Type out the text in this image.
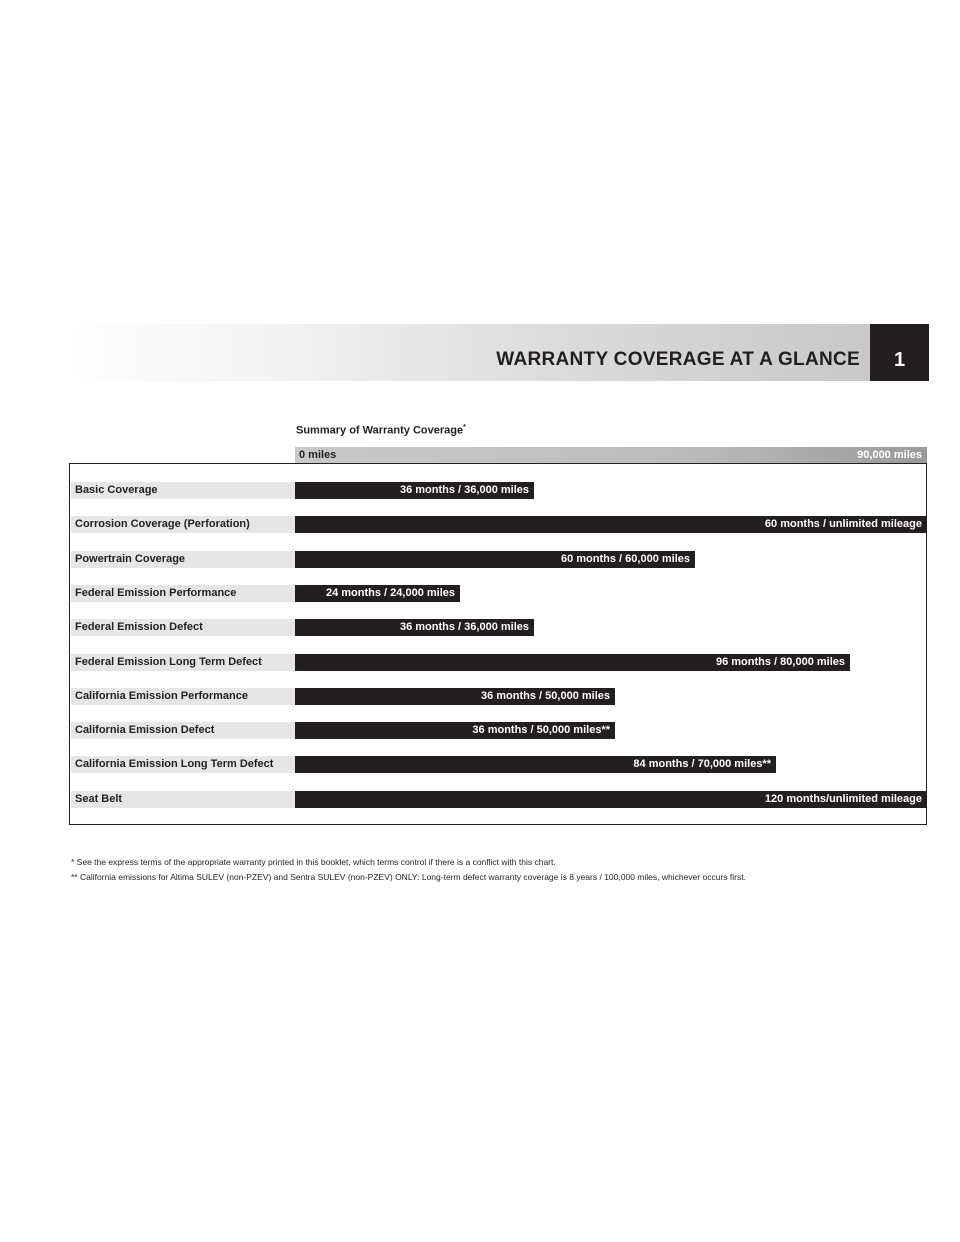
WARRANTY COVERAGE AT A GLANCE	1
Summary of Warranty Coverage*
0 miles	90,000 miles
Basic Coverage	36 months / 36,000 miles
Corrosion Coverage (Perforation)	60 months / unlimited mileage
Powertrain Coverage	60 months / 60,000 miles
Federal Emission Performance	24 months / 24,000 miles
Federal Emission Defect	36 months / 36,000 miles
Federal Emission Long Term Defect	96 months / 80,000 miles
California Emission Performance	36 months / 50,000 miles
California Emission Defect	36 months / 50,000 miles**
California Emission Long Term Defect	84 months / 70,000 miles**
Seat Belt	120 months/unlimited mileage
* See the express terms of the appropriate warranty printed in this booklet, which terms control if there is a conflict with this chart.
** California emissions for Altima SULEV (non-PZEV) and Sentra SULEV (non-PZEV) ONLY: Long-term defect warranty coverage is 8 years / 100,000 miles, whichever occurs first.
